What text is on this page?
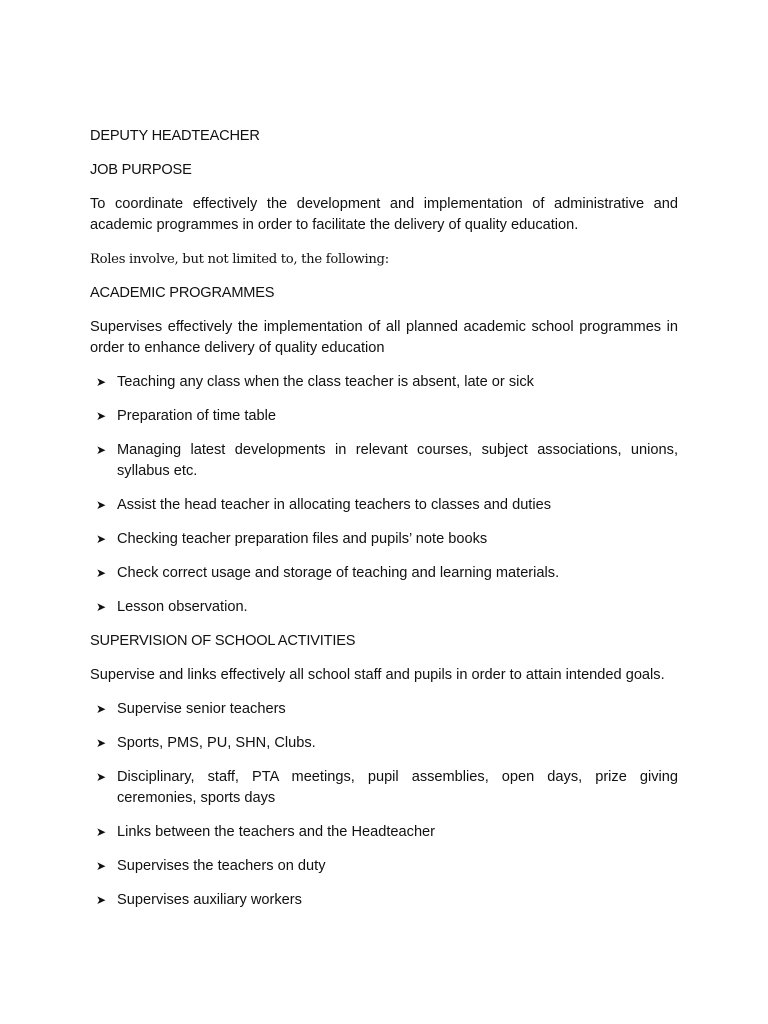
DEPUTY HEADTEACHER
JOB PURPOSE
To coordinate effectively the development and implementation of administrative and academic programmes in order to facilitate the delivery of quality education.
Roles involve, but not limited to, the following:
ACADEMIC PROGRAMMES
Supervises effectively the implementation of all planned academic school programmes in order to enhance delivery of quality education
➤ Teaching any class when the class teacher is absent, late or sick
➤ Preparation of time table
➤ Managing latest developments in relevant courses, subject associations, unions, syllabus etc.
➤ Assist the head teacher in allocating teachers to classes and duties
➤ Checking teacher preparation files and pupils’ note books
➤ Check correct usage and storage of teaching and learning materials.
➤ Lesson observation.
SUPERVISION OF SCHOOL ACTIVITIES
Supervise and links effectively all school staff and pupils in order to attain intended goals.
➤ Supervise senior teachers
➤ Sports, PMS, PU, SHN, Clubs.
➤ Disciplinary, staff, PTA meetings, pupil assemblies, open days, prize giving ceremonies, sports days
➤ Links between the teachers and the Headteacher
➤ Supervises the teachers on duty
➤ Supervises auxiliary workers
